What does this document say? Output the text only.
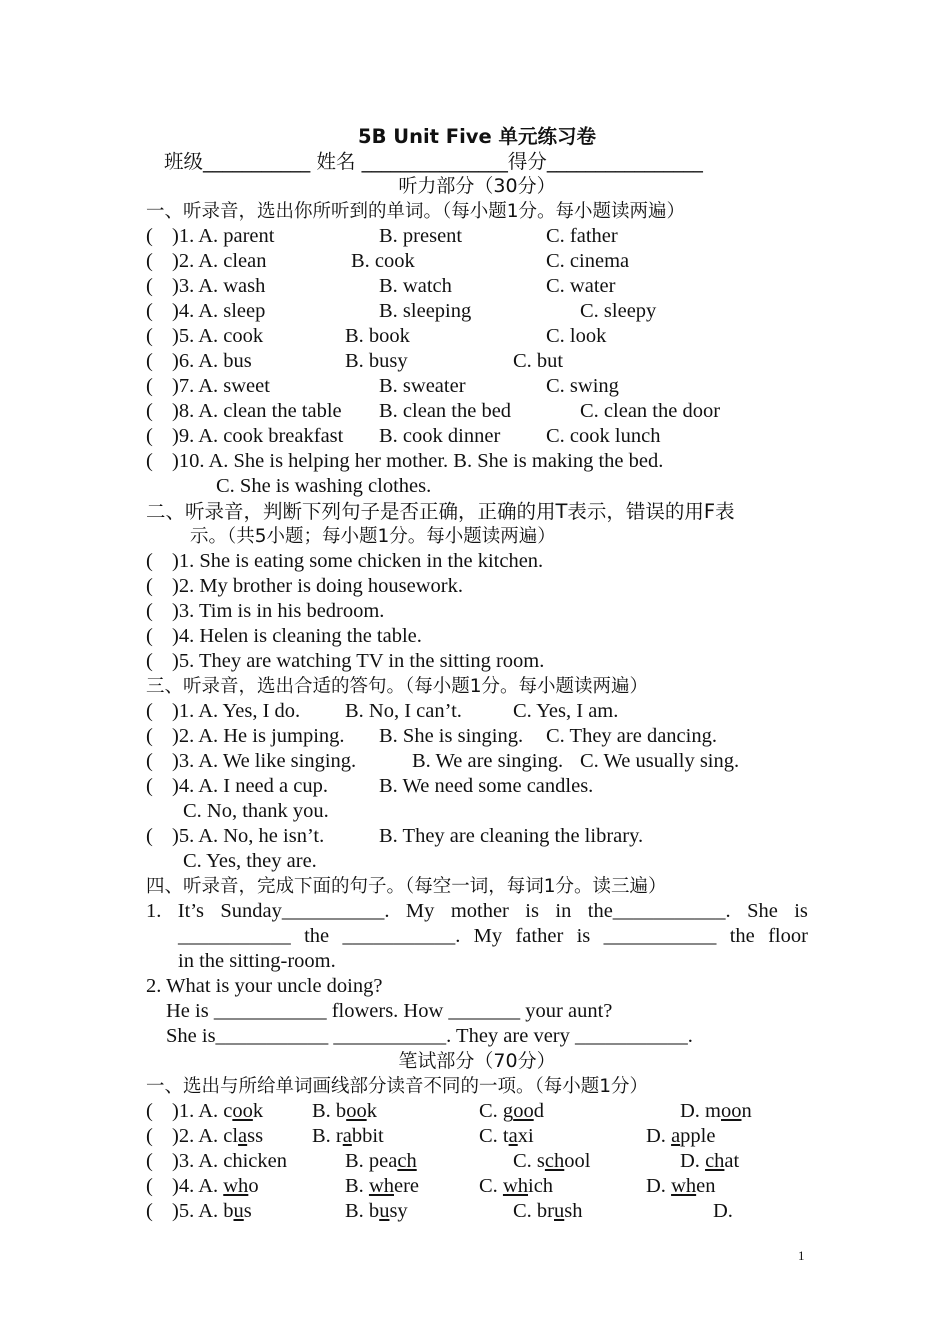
5B Unit Five 单元练习卷
班级___________ 姓名 _______________得分________________
听力部分（30分）
一、听录音，选出你所听到的单词。（每小题1分。每小题读两遍）
( )1. A. parent	B. present	C. father
( )2. A. clean	B. cook	C. cinema
( )3. A. wash	B. watch	C. water
( )4. A. sleep	B. sleeping	C. sleepy
( )5. A. cook	B. book	C. look
( )6. A. bus	B. busy	C. but
( )7. A. sweet	B. sweater	C. swing
( )8. A. clean the table B. clean the bed	C. clean the door
( )9. A. cook breakfast B. cook dinner C. cook lunch
( )10. A. She is helping her mother. B. She is making the bed.
C. She is washing clothes.
二、听录音，判断下列句子是否正确，正确的用T表示，错误的用F表
示。（共5小题；每小题1分。每小题读两遍）
( )1. She is eating some chicken in the kitchen.
( )2. My brother is doing housework.
( )3. Tim is in his bedroom.
( )4. Helen is cleaning the table.
( )5. They are watching TV in the sitting room.
三、听录音，选出合适的答句。（每小题1分。每小题读两遍）
( )1. A. Yes, I do. B. No, I can’t. C. Yes, I am.
( )2. A. He is jumping. B. She is singing. C. They are dancing.
( )3. A. We like singing.	B. We are singing. C. We usually sing.
( )4. A. I need a cup. B. We need some candles.
C. No, thank you.
( )5. A. No, he isn’t.	B. They are cleaning the library.
C. Yes, they are.
四、听录音，完成下面的句子。（每空一词，每词1分。读三遍）
1. It’s Sunday__________. My mother is in the___________. She is
___________ the ___________. My father is ___________ the floor
in the sitting-room.
2. What is your uncle doing?
He is ___________ flowers. How _______ your aunt?
She is___________ ___________. They are very ___________.
笔试部分（70分）
一、选出与所给单词画线部分读音不同的一项。（每小题1分）
( )1. A. cook B. book	C. good	D. moon
( )2. A. class B. rabbit	C. taxi	D. apple
( )3. A. chicken	B. peach	C. school	D. chat
( )4. A. who	B. where	C. which	D. when
( )5. A. bus	B. busy	C. brush	D.
1
